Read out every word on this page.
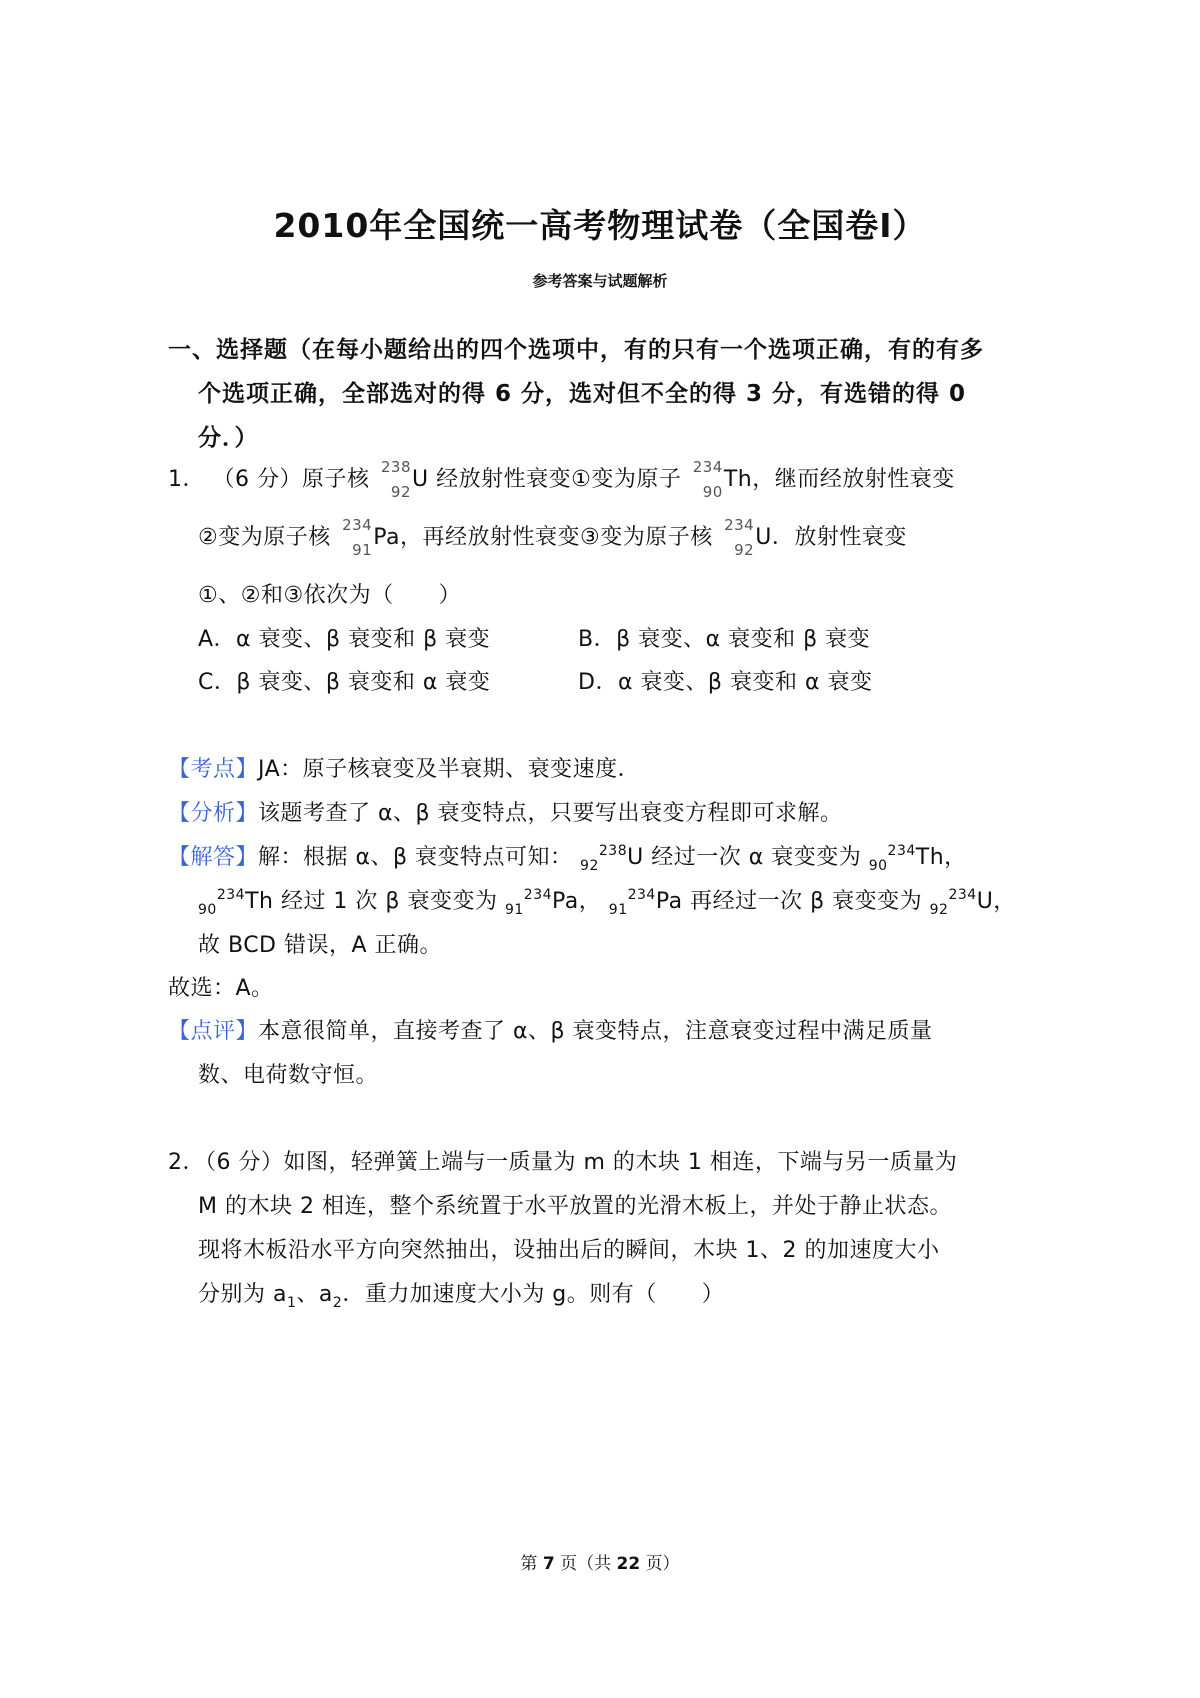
2010年全国统一高考物理试卷（全国卷Ⅰ）
参考答案与试题解析
一、选择题（在每小题给出的四个选项中，有的只有一个选项正确，有的有多
个选项正确，全部选对的得 6 分，选对但不全的得 3 分，有选错的得 0
分．）
1． （6 分）原子核 238
92 U 经放射性衰变①变为原子 234
90 Th，继而经放射性衰变
②变为原子核 234
91 Pa，再经放射性衰变③变为原子核 234
92 U．放射性衰变
①、②和③依次为（　　）
A．α 衰变、β 衰变和 β 衰变	B．β 衰变、α 衰变和 β 衰变
C．β 衰变、β 衰变和 α 衰变	D．α 衰变、β 衰变和 α 衰变
【考点】JA：原子核衰变及半衰期、衰变速度．
【分析】该题考查了 α、β 衰变特点，只要写出衰变方程即可求解。
【解答】解：根据 α、β 衰变特点可知： $_{92}^{238}$U 经过一次 α 衰变变为 $_{90}^{234}$Th，
$_{90}^{234}$Th 经过 1 次 β 衰变变为 $_{91}^{234}$Pa， $_{91}^{234}$Pa 再经过一次 β 衰变变为 $_{92}^{234}$U，
故 BCD 错误，A 正确。
故选：A。
【点评】本意很简单，直接考查了 α、β 衰变特点，注意衰变过程中满足质量
数、电荷数守恒。
2．（6 分）如图，轻弹簧上端与一质量为 m 的木块 1 相连，下端与另一质量为
M 的木块 2 相连，整个系统置于水平放置的光滑木板上，并处于静止状态。
现将木板沿水平方向突然抽出，设抽出后的瞬间，木块 1、2 的加速度大小
分别为 $a_1$、$a_2$．重力加速度大小为 g。则有（　　）
第 7 页（共 22 页）
